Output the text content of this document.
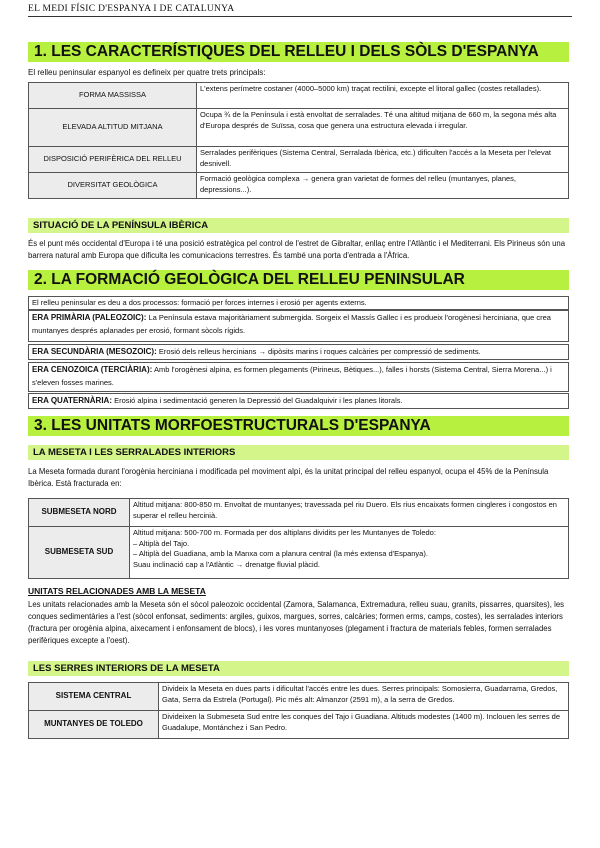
EL MEDI FÍSIC D'ESPANYA I DE CATALUNYA
1. LES CARACTERÍSTIQUES DEL RELLEU I DELS SÒLS D'ESPANYA
El relleu peninsular espanyol es defineix per quatre trets principals:
FORMA MASSISSA	L'extens perímetre costaner (4000–5000 km) traçat rectilini, excepte el litoral gallec (costes retallades).
ELEVADA ALTITUD MITJANA	Ocupa ¾ de la Península i està envoltat de serralades. Té una altitud mitjana de 660 m, la segona més alta d'Europa després de Suïssa, cosa que genera una estructura elevada i irregular.
DISPOSICIÓ PERIFÈRICA DEL RELLEU	Serralades perifèriques (Sistema Central, Serralada Ibèrica, etc.) dificulten l'accés a la Meseta per l'elevat desnivell.
DIVERSITAT GEOLÒGICA	Formació geològica complexa → genera gran varietat de formes del relleu (muntanyes, planes, depressions...).
SITUACIÓ DE LA PENÍNSULA IBÈRICA
És el punt més occidental d'Europa i té una posició estratègica pel control de l'estret de Gibraltar, enllaç entre l'Atlàntic i el Mediterrani. Els Pirineus són una barrera natural amb Europa que dificulta les comunicacions terrestres. És també una porta d'entrada a l'Àfrica.
2. LA FORMACIÓ GEOLÒGICA DEL RELLEU PENINSULAR
El relleu peninsular es deu a dos processos: formació per forces internes i erosió per agents externs.
ERA PRIMÀRIA (PALEOZOIC): La Península estava majoritàriament submergida. Sorgeix el Massís Gallec i es produeix l'orogènesi herciniana, que crea muntanyes després aplanades per erosió, formant sòcols rígids.
ERA SECUNDÀRIA (MESOZOIC): Erosió dels relleus hercinians → dipòsits marins i roques calcàries per compressió de sediments.
ERA CENOZOICA (TERCIÀRIA): Amb l'orogènesi alpina, es formen plegaments (Pirineus, Bètiques...), falles i horsts (Sistema Central, Sierra Morena...) i s'eleven fosses marines.
ERA QUATERNÀRIA: Erosió alpina i sedimentació generen la Depressió del Guadalquivir i les planes litorals.
3. LES UNITATS MORFOESTRUCTURALS D'ESPANYA
LA MESETA I LES SERRALADES INTERIORS
La Meseta formada durant l'orogènia herciniana i modificada pel moviment alpí, és la unitat principal del relleu espanyol, ocupa el 45% de la Península Ibèrica. Està fracturada en:
SUBMESETA NORD	Altitud mitjana: 800-850 m. Envoltat de muntanyes; travessada pel riu Duero. Els rius encaixats formen cingleres i congostos en superar el relleu hercinià.

SUBMESETA SUD	Altitud mitjana: 500-700 m. Formada per dos altiplans dividits per les Muntanyes de Toledo:
– Altiplà del Tajo.
– Altiplà del Guadiana, amb la Manxa com a planura central (la més extensa d'Espanya).
Suau inclinació cap a l'Atlàntic → drenatge fluvial plàcid.
UNITATS RELACIONADES AMB LA MESETA
Les unitats relacionades amb la Meseta són el sòcol paleozoic occidental (Zamora, Salamanca, Extremadura, relleu suau, granits, pissarres, quarsites), les conques sedimentàries a l'est (sòcol enfonsat, sediments: argiles, guixos, margues, sorres, calcàries; formen erms, camps, costes), les serralades interiors (fractura per orogènia alpina, aixecament i enfonsament de blocs), i les vores muntanyoses (plegament i fractura de materials febles, formen serralades perifèriques excepte a l'oest).
LES SERRES INTERIORS DE LA MESETA
SISTEMA CENTRAL	Divideix la Meseta en dues parts i dificultat l'accés entre les dues. Serres principals: Somosierra, Guadarrama, Gredos, Gata, Serra da Estrela (Portugal). Pic més alt: Almanzor (2591 m), a la serra de Gredos.
MUNTANYES DE TOLEDO	Divideixen la Submeseta Sud entre les conques del Tajo i Guadiana. Altituds modestes (1400 m). Inclouen les serres de Guadalupe, Montánchez i San Pedro.
